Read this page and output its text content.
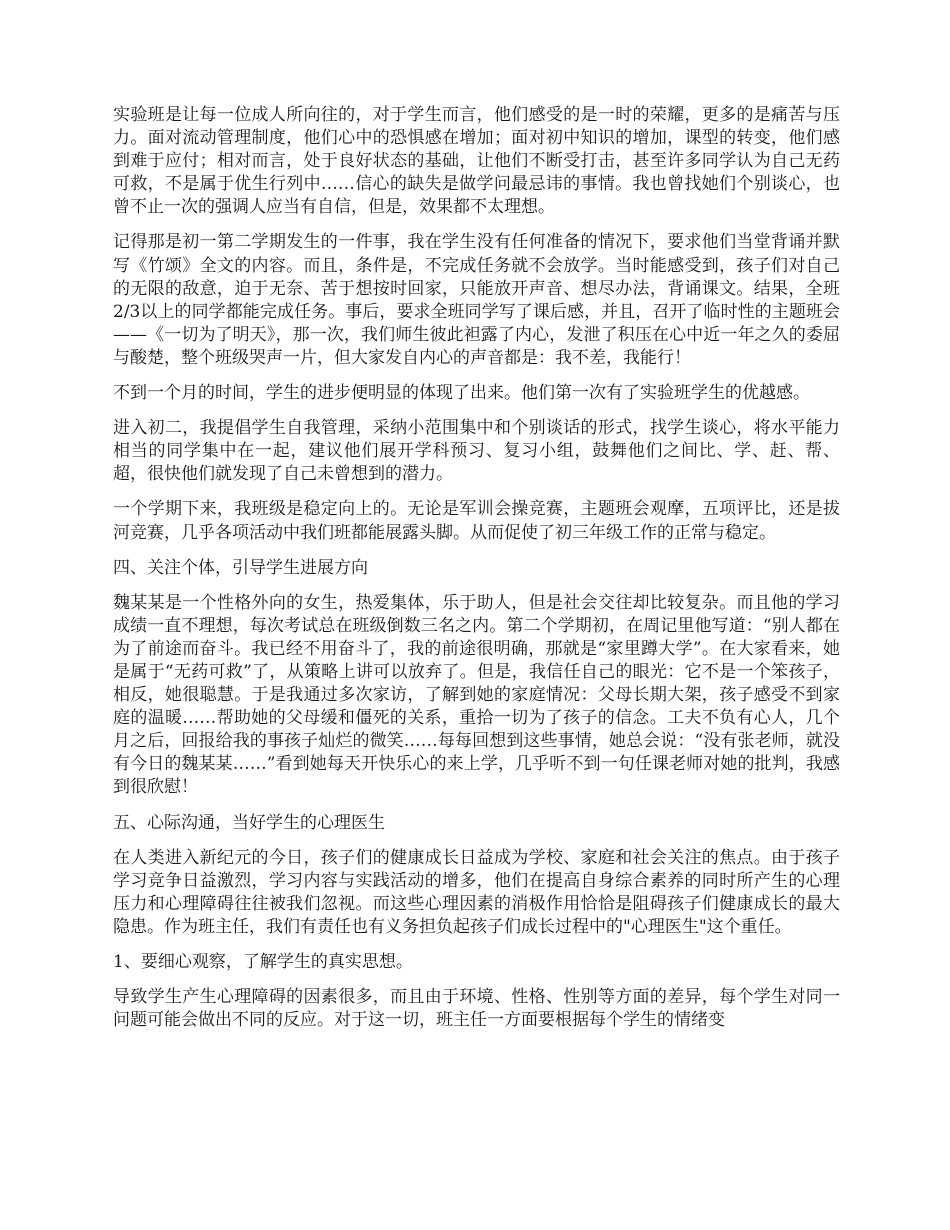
实验班是让每一位成人所向往的，对于学生而言，他们感受的是一时的荣耀，更多的是痛苦与压力。面对流动管理制度，他们心中的恐惧感在增加；面对初中知识的增加，课型的转变，他们感到难于应付；相对而言，处于良好状态的基础，让他们不断受打击，甚至许多同学认为自己无药可救，不是属于优生行列中……信心的缺失是做学问最忌讳的事情。我也曾找她们个别谈心，也曾不止一次的强调人应当有自信，但是，效果都不太理想。

记得那是初一第二学期发生的一件事，我在学生没有任何准备的情况下，要求他们当堂背诵并默写《竹颂》全文的内容。而且，条件是，不完成任务就不会放学。当时能感受到，孩子们对自己的无限的敌意，迫于无奈、苦于想按时回家，只能放开声音、想尽办法，背诵课文。结果，全班2/3以上的同学都能完成任务。事后，要求全班同学写了课后感，并且，召开了临时性的主题班会——《一切为了明天》，那一次，我们师生彼此袒露了内心，发泄了积压在心中近一年之久的委屈与酸楚，整个班级哭声一片，但大家发自内心的声音都是：我不差，我能行！

不到一个月的时间，学生的进步便明显的体现了出来。他们第一次有了实验班学生的优越感。

进入初二，我提倡学生自我管理，采纳小范围集中和个别谈话的形式，找学生谈心，将水平能力相当的同学集中在一起，建议他们展开学科预习、复习小组，鼓舞他们之间比、学、赶、帮、超，很快他们就发现了自己未曾想到的潜力。

一个学期下来，我班级是稳定向上的。无论是军训会操竞赛，主题班会观摩，五项评比，还是拔河竞赛，几乎各项活动中我们班都能展露头脚。从而促使了初三年级工作的正常与稳定。

四、关注个体，引导学生进展方向

魏某某是一个性格外向的女生，热爱集体，乐于助人，但是社会交往却比较复杂。而且他的学习成绩一直不理想，每次考试总在班级倒数三名之内。第二个学期初，在周记里他写道：“别人都在为了前途而奋斗。我已经不用奋斗了，我的前途很明确，那就是“家里蹲大学”。在大家看来，她是属于“无药可救”了，从策略上讲可以放弃了。但是，我信任自己的眼光：它不是一个笨孩子，相反，她很聪慧。于是我通过多次家访，了解到她的家庭情况：父母长期大架，孩子感受不到家庭的温暖……帮助她的父母缓和僵死的关系，重拾一切为了孩子的信念。工夫不负有心人，几个月之后，回报给我的事孩子灿烂的微笑……每每回想到这些事情，她总会说：“没有张老师，就没有今日的魏某某……”看到她每天开快乐心的来上学，几乎听不到一句任课老师对她的批判，我感到很欣慰！

五、心际沟通，当好学生的心理医生

在人类进入新纪元的今日，孩子们的健康成长日益成为学校、家庭和社会关注的焦点。由于孩子学习竞争日益激烈，学习内容与实践活动的增多，他们在提高自身综合素养的同时所产生的心理压力和心理障碍往往被我们忽视。而这些心理因素的消极作用恰恰是阻碍孩子们健康成长的最大隐患。作为班主任，我们有责任也有义务担负起孩子们成长过程中的"心理医生"这个重任。

1、要细心观察，了解学生的真实思想。

导致学生产生心理障碍的因素很多，而且由于环境、性格、性别等方面的差异，每个学生对同一问题可能会做出不同的反应。对于这一切，班主任一方面要根据每个学生的情绪变
